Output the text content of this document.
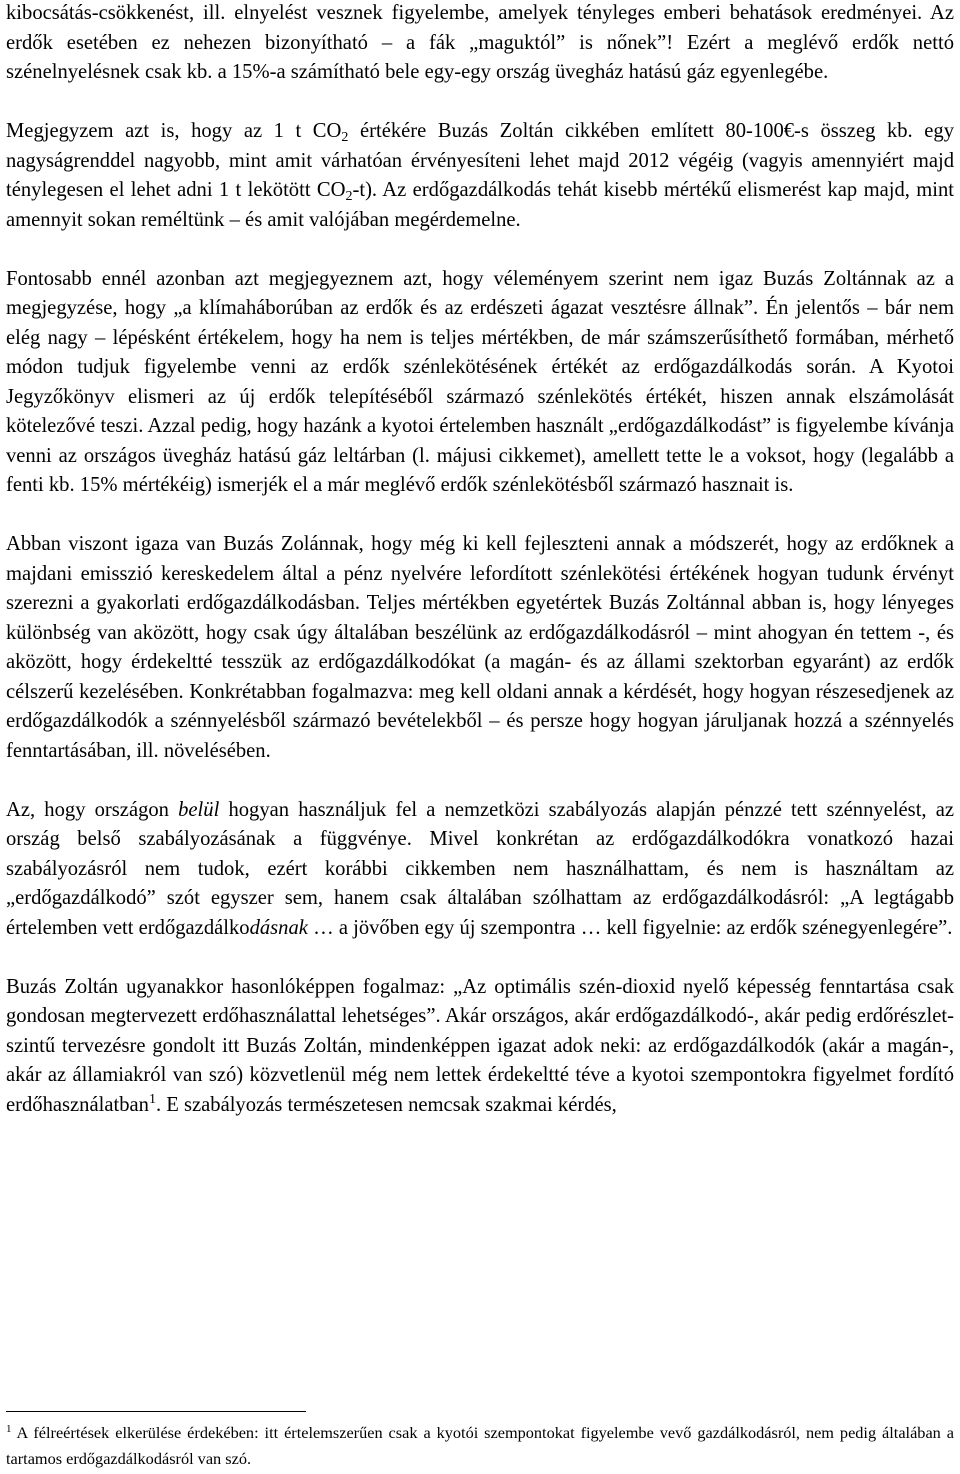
kibocsátás-csökkenést, ill. elnyelést vesznek figyelembe, amelyek tényleges emberi behatások eredményei. Az erdők esetében ez nehezen bizonyítható – a fák „maguktól” is nőnek”! Ezért a meglévő erdők nettó szénelnyelésnek csak kb. a 15%-a számítható bele egy-egy ország üvegház hatású gáz egyenlegébe.

Megjegyzem azt is, hogy az 1 t $CO_2$ értékére Buzás Zoltán cikkében említett 80-100€-s összeg kb. egy nagyságrenddel nagyobb, mint amit várhatóan érvényesíteni lehet majd 2012 végéig (vagyis amennyiért majd ténylegesen el lehet adni 1 t lekötött $CO_2-t$). Az erdőgazdálkodás tehát kisebb mértékű elismerést kap majd, mint amennyit sokan reméltünk – és amit valójában megérdemelne.

Fontosabb ennél azonban azt megjegyeznem azt, hogy véleményem szerint nem igaz Buzás Zoltánnak az a megjegyzése, hogy „a klímaháborúban az erdők és az erdészeti ágazat vesztésre állnak”. Én jelentős – bár nem elég nagy – lépésként értékelem, hogy ha nem is teljes mértékben, de már számszerűsíthető formában, mérhető módon tudjuk figyelembe venni az erdők szénlekötésének értékét az erdőgazdálkodás során. A Kyotoi Jegyzőkönyv elismeri az új erdők telepítéséből származó szénlekötés értékét, hiszen annak elszámolását kötelezővé teszi. Azzal pedig, hogy hazánk a kyotoi értelemben használt „erdőgazdálkodást” is figyelembe kívánja venni az országos üvegház hatású gáz leltárban (l. májusi cikkemet), amellett tette le a voksot, hogy (legalább a fenti kb. 15% mértékéig) ismerjék el a már meglévő erdők szénlekötésből származó hasznait is.

Abban viszont igaza van Buzás Zolánnak, hogy még ki kell fejleszteni annak a módszerét, hogy az erdőknek a majdani emisszió kereskedelem által a pénz nyelvére lefordított szénlekötési értékének hogyan tudunk érvényt szerezni a gyakorlati erdőgazdálkodásban. Teljes mértékben egyetértek Buzás Zoltánnal abban is, hogy lényeges különbség van aközött, hogy csak úgy általában beszélünk az erdőgazdálkodásról – mint ahogyan én tettem -, és aközött, hogy érdekeltté tesszük az erdőgazdálkodókat (a magán- és az állami szektorban egyaránt) az erdők célszerű kezelésében. Konkrétabban fogalmazva: meg kell oldani annak a kérdését, hogy hogyan részesedjenek az erdőgazdálkodók a szénnyelésből származó bevételekből – és persze hogy hogyan járuljanak hozzá a szénnyelés fenntartásában, ill. növelésében.

Az, hogy országon belül hogyan használjuk fel a nemzetközi szabályozás alapján pénzzé tett szénnyelést, az ország belső szabályozásának a függvénye. Mivel konkrétan az erdőgazdálkodókra vonatkozó hazai szabályozásról nem tudok, ezért korábbi cikkemben nem használhattam, és nem is használtam az „erdőgazdálkodó” szót egyszer sem, hanem csak általában szólhattam az erdőgazdálkodásról: „A legtágabb értelemben vett erdőgazdálkodásnak … a jövőben egy új szempontra … kell figyelnie: az erdők szénegyenlegére”.

Buzás Zoltán ugyanakkor hasonlóképpen fogalmaz: „Az optimális szén-dioxid nyelő képesség fenntartása csak gondosan megtervezett erdőhasználattal lehetséges”. Akár országos, akár erdőgazdálkodó-, akár pedig erdőrészlet-szintű tervezésre gondolt itt Buzás Zoltán, mindenképpen igazat adok neki: az erdőgazdálkodók (akár a magán-, akár az államiakról van szó) közvetlenül még nem lettek érdekeltté téve a kyotoi szempontokra figyelmet fordító erdőhasználatban$^1$. E szabályozás természetesen nemcsak szakmai kérdés,

$^1$ A félreértések elkerülése érdekében: itt értelemszerűen csak a kyotói szempontokat figyelembe vevő gazdálkodásról, nem pedig általában a tartamos erdőgazdálkodásról van szó.
